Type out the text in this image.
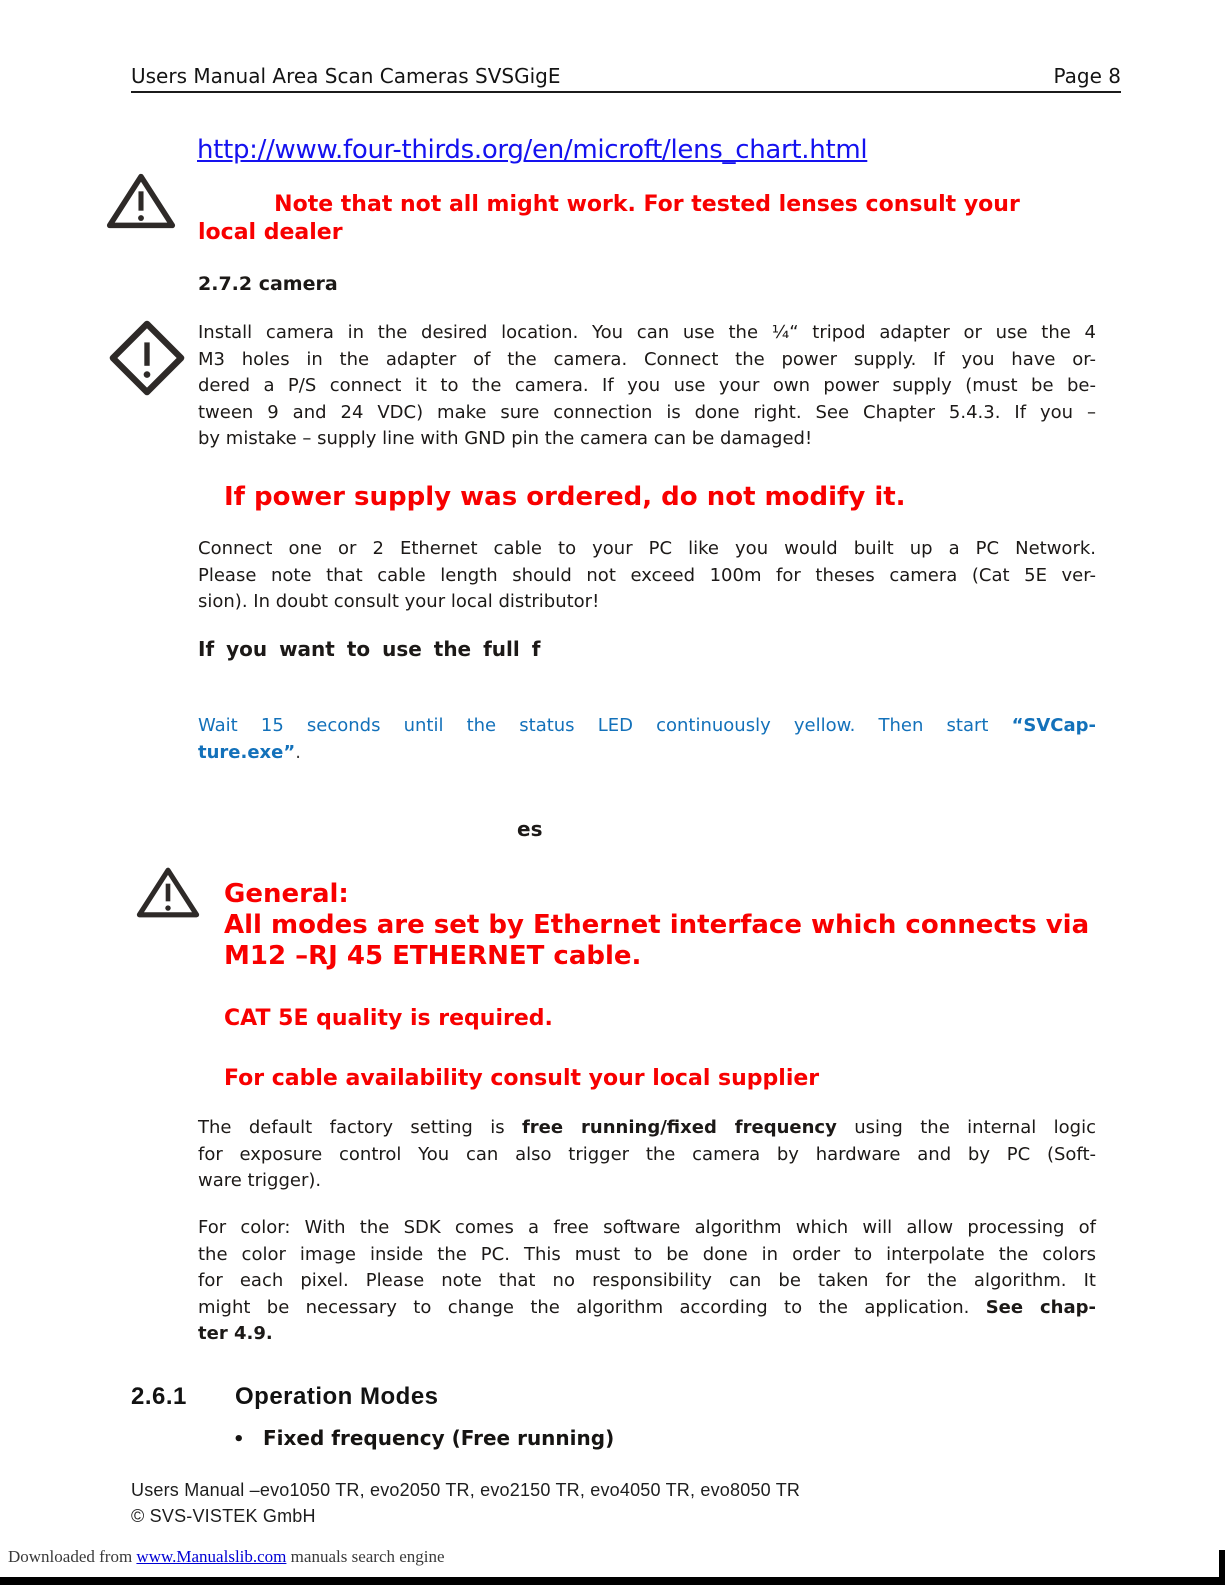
Users Manual Area Scan Cameras SVSGigE	Page 8
http://www.four-thirds.org/en/microft/lens_chart.html
Note that not all might work. For tested lenses consult your
local dealer
2.7.2 camera
Install camera in the desired location. You can use the ¼“ tripod adapter or use the 4
M3 holes in the adapter of the camera. Connect the power supply. If you have or-
dered a P/S connect it to the camera. If you use your own power supply (must be be-
tween 9 and 24 VDC) make sure connection is done right. See Chapter 5.4.3. If you –
by mistake – supply line with GND pin the camera can be damaged!
If power supply was ordered, do not modify it.
Connect one or 2 Ethernet cable to your PC like you would built up a PC Network.
Please note that cable length should not exceed 100m for theses camera (Cat 5E ver-
sion). In doubt consult your local distributor!
If you want to use the full f
Wait 15 seconds until the status LED continuously yellow. Then start “SVCap-
ture.exe”.
es
General:
All modes are set by Ethernet interface which connects via
M12 –RJ 45 ETHERNET cable.
CAT 5E quality is required.
For cable availability consult your local supplier
The default factory setting is free running/fixed frequency using the internal logic
for exposure control You can also trigger the camera by hardware and by PC (Soft-
ware trigger).
For color: With the SDK comes a free software algorithm which will allow processing of
the color image inside the PC. This must to be done in order to interpolate the colors
for each pixel. Please note that no responsibility can be taken for the algorithm. It
might be necessary to change the algorithm according to the application. See chap-
ter 4.9.
2.6.1 Operation Modes
• Fixed frequency (Free running)
Users Manual –evo1050 TR, evo2050 TR, evo2150 TR, evo4050 TR, evo8050 TR
© SVS-VISTEK GmbH
Downloaded from www.Manualslib.com manuals search engine
